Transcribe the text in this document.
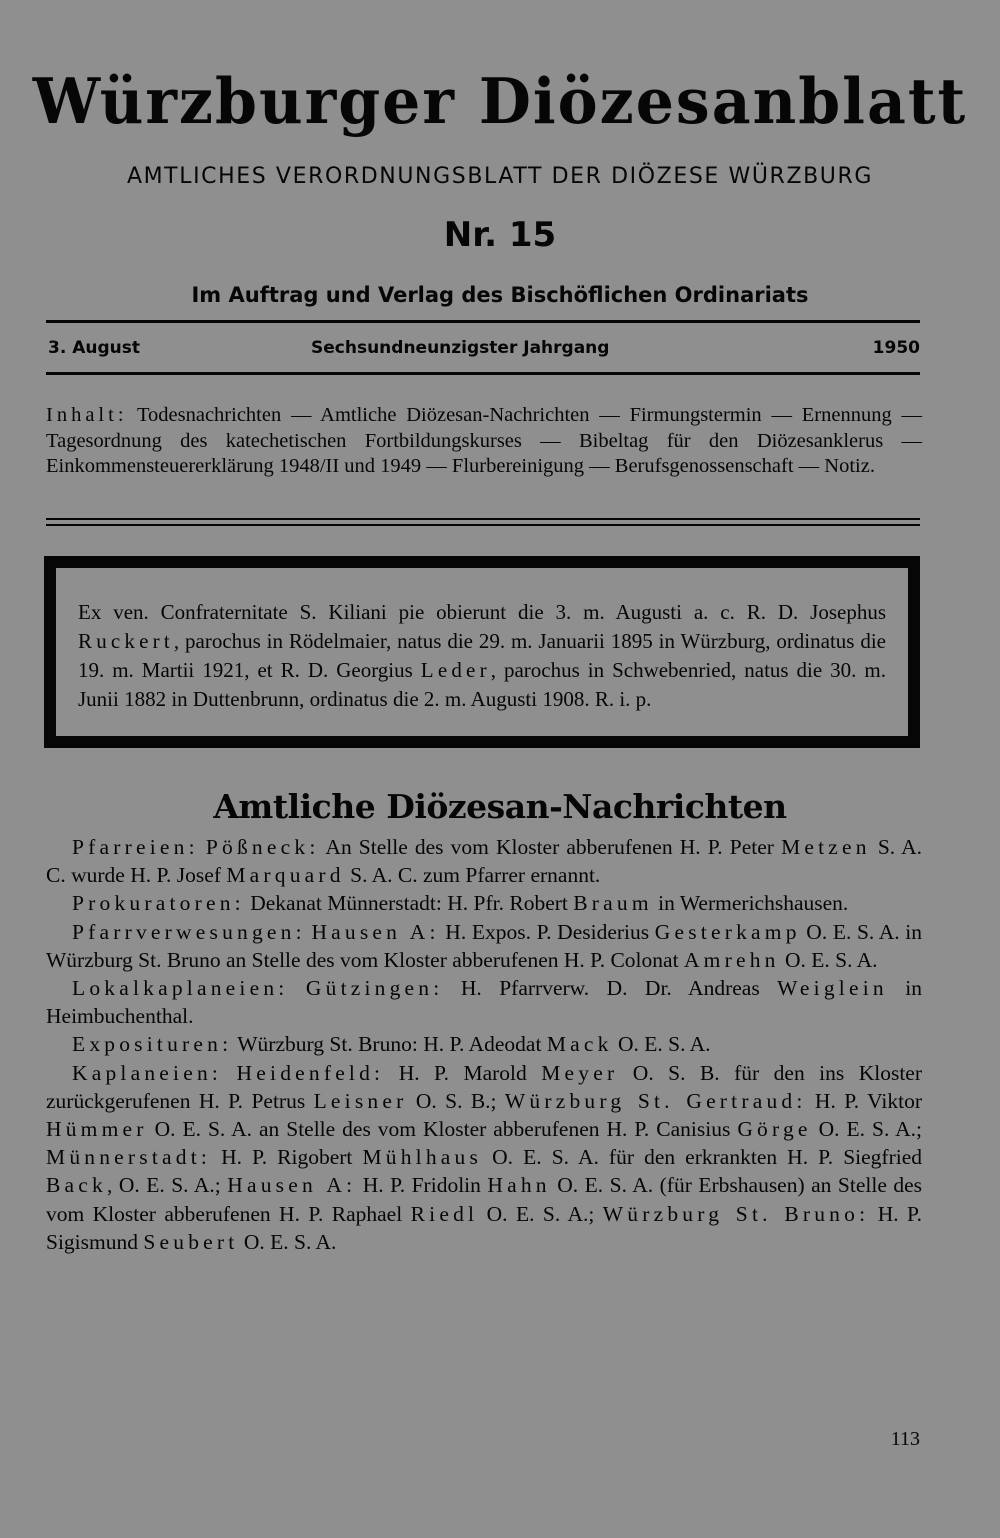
Würzburger Diözesanblatt
AMTLICHES VERORDNUNGSBLATT DER DIÖZESE WÜRZBURG
Nr. 15
Im Auftrag und Verlag des Bischöflichen Ordinariats
3. August	Sechsundneunzigster Jahrgang	1950
Inhalt: Todesnachrichten — Amtliche Diözesan-Nachrichten — Firmungstermin — Ernennung — Tagesordnung des katechetischen Fortbildungskurses — Bibeltag für den Diözesanklerus — Einkommensteuererklärung 1948/II und 1949 — Flurbereinigung — Berufsgenossenschaft — Notiz.
Ex ven. Confraternitate S. Kiliani pie obierunt die 3. m. Augusti a. c. R. D. Josephus Ruckert, parochus in Rödelmaier, natus die 29. m. Januarii 1895 in Würzburg, ordinatus die 19. m. Martii 1921, et R. D. Georgius Leder, parochus in Schwebenried, natus die 30. m. Junii 1882 in Duttenbrunn, ordinatus die 2. m. Augusti 1908. R. i. p.
Amtliche Diözesan-Nachrichten

Pfarreien: Pößneck: An Stelle des vom Kloster abberufenen H. P. Peter Metzen S. A. C. wurde H. P. Josef Marquard S. A. C. zum Pfarrer ernannt.

Prokuratoren: Dekanat Münnerstadt: H. Pfr. Robert Braum in Wermerichshausen.

Pfarrverwesungen: Hausen A: H. Expos. P. Desiderius Gesterkamp O. E. S. A. in Würzburg St. Bruno an Stelle des vom Kloster abberufenen H. P. Colonat Amrehn O. E. S. A.

Lokalkaplaneien: Gützingen: H. Pfarrverw. D. Dr. Andreas Weiglein in Heimbuchenthal.

Exposituren: Würzburg St. Bruno: H. P. Adeodat Mack O. E. S. A.

Kaplaneien: Heidenfeld: H. P. Marold Meyer O. S. B. für den ins Kloster zurückgerufenen H. P. Petrus Leisner O. S. B.; Würzburg St. Gertraud: H. P. Viktor Hümmer O. E. S. A. an Stelle des vom Kloster abberufenen H. P. Canisius Görge O. E. S. A.; Münnerstadt: H. P. Rigobert Mühlhaus O. E. S. A. für den erkrankten H. P. Siegfried Back, O. E. S. A.; Hausen A: H. P. Fridolin Hahn O. E. S. A. (für Erbshausen) an Stelle des vom Kloster abberufenen H. P. Raphael Riedl O. E. S. A.; Würzburg St. Bruno: H. P. Sigismund Seubert O. E. S. A.

113
